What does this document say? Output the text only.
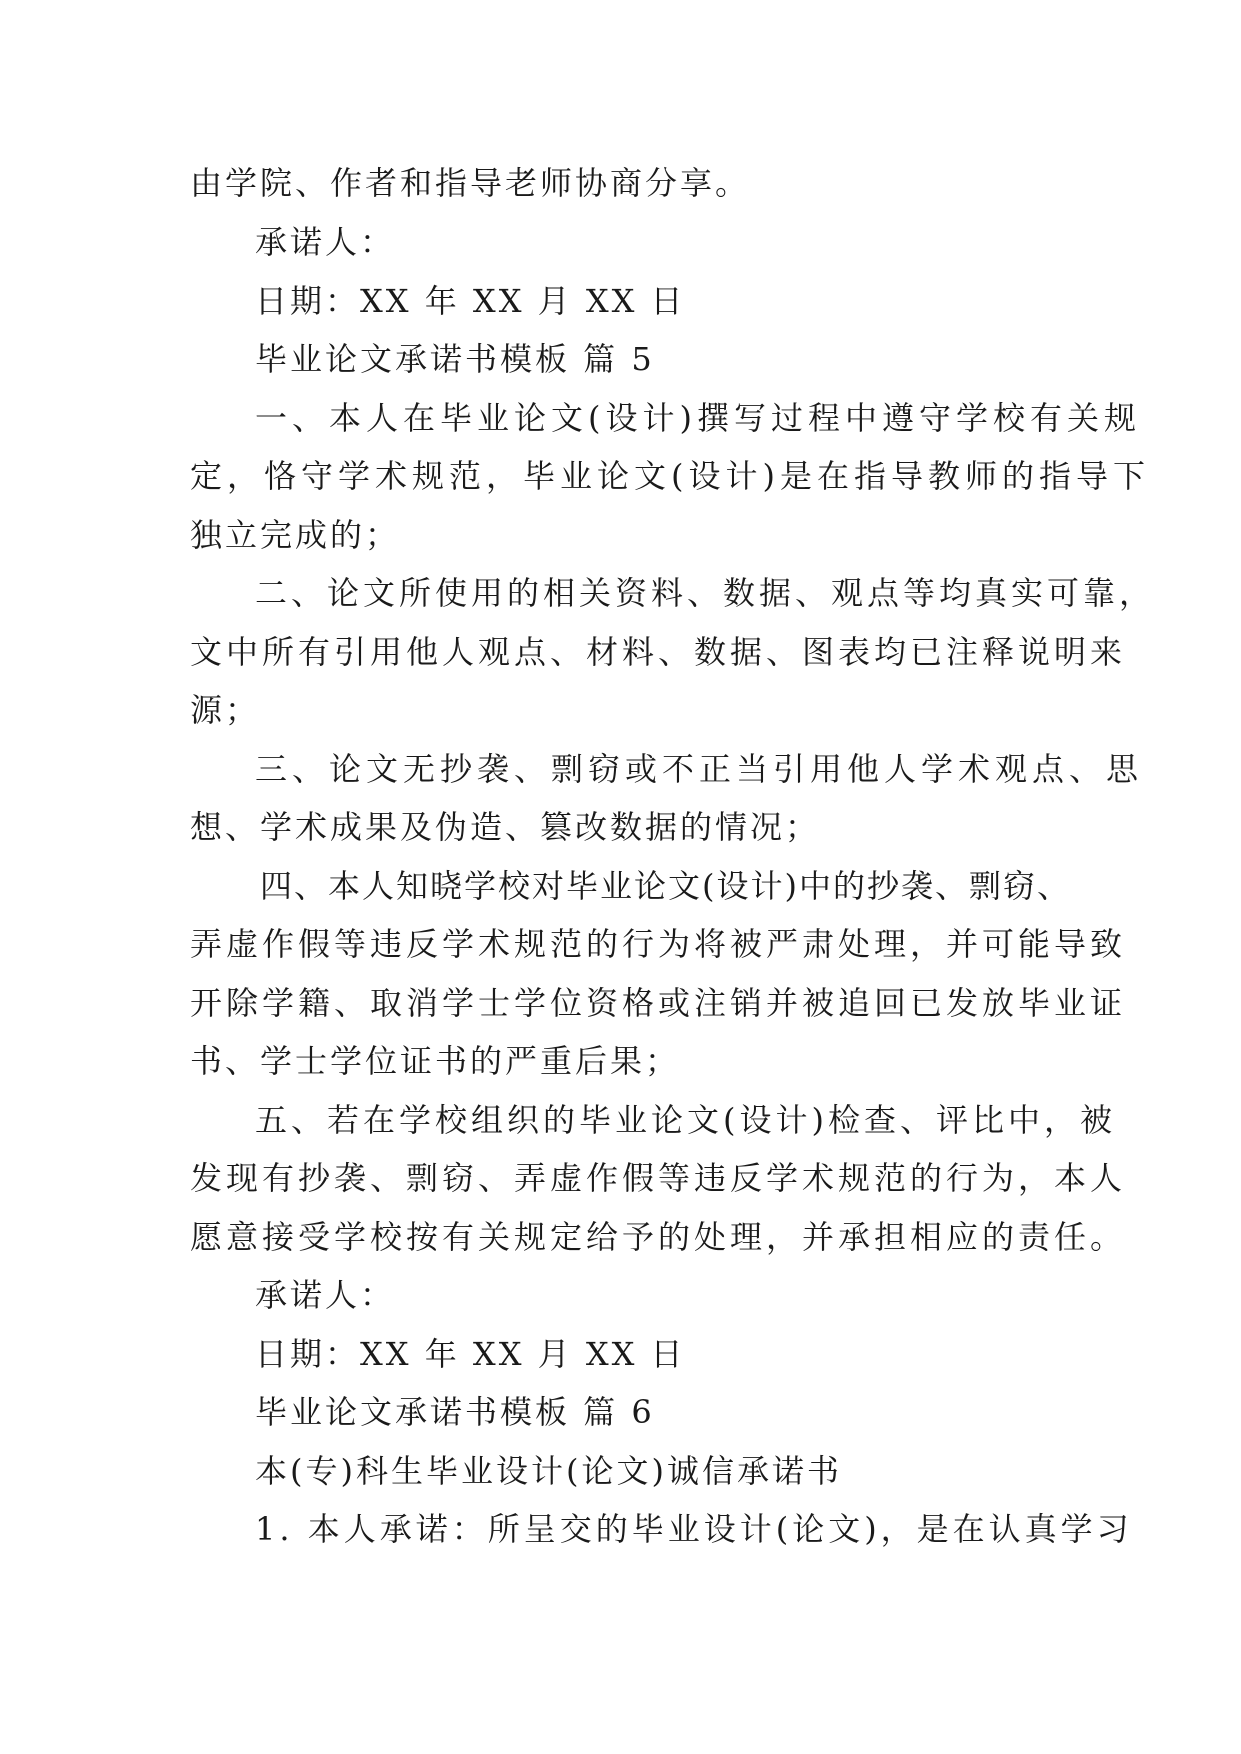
由学院、作者和指导老师协商分享。
承诺人：
日期：XX 年 XX 月 XX 日
毕业论文承诺书模板 篇 5
一、本人在毕业论文(设计)撰写过程中遵守学校有关规
定，恪守学术规范，毕业论文(设计)是在指导教师的指导下
独立完成的；
二、论文所使用的相关资料、数据、观点等均真实可靠，
文中所有引用他人观点、材料、数据、图表均已注释说明来
源；
三、论文无抄袭、剽窃或不正当引用他人学术观点、思
想、学术成果及伪造、篡改数据的情况；
四、本人知晓学校对毕业论文(设计)中的抄袭、剽窃、
弄虚作假等违反学术规范的行为将被严肃处理，并可能导致
开除学籍、取消学士学位资格或注销并被追回已发放毕业证
书、学士学位证书的严重后果；
五、若在学校组织的毕业论文(设计)检查、评比中，被
发现有抄袭、剽窃、弄虚作假等违反学术规范的行为，本人
愿意接受学校按有关规定给予的处理，并承担相应的责任。
承诺人：
日期：XX 年 XX 月 XX 日
毕业论文承诺书模板 篇 6
本(专)科生毕业设计(论文)诚信承诺书
1. 本人承诺：所呈交的毕业设计(论文)，是在认真学习
